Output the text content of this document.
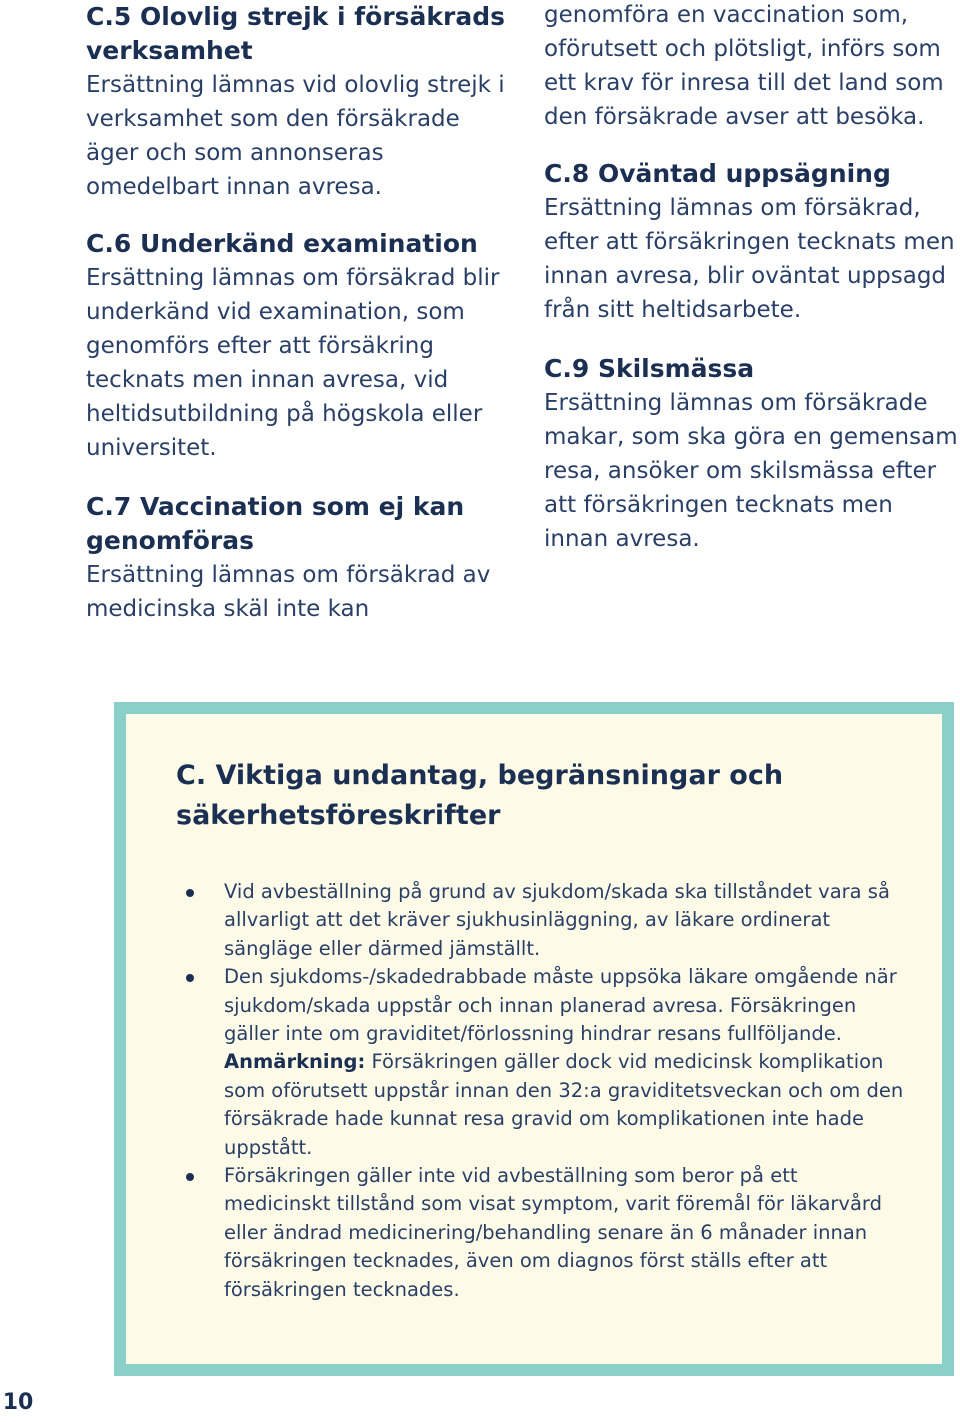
C.5 Olovlig strejk i försäkrads verksamhet

Ersättning lämnas vid olovlig strejk i verksamhet som den försäkrade äger och som annonseras omedelbart innan avresa.

C.6 Underkänd examination

Ersättning lämnas om försäkrad blir underkänd vid examination, som genomförs efter att försäkring tecknats men innan avresa, vid heltidsutbildning på högskola eller universitet.

C.7 Vaccination som ej kan genomföras

Ersättning lämnas om försäkrad av medicinska skäl inte kan

genomföra en vaccination som, oförutsett och plötsligt, införs som ett krav för inresa till det land som den försäkrade avser att besöka.

C.8 Oväntad uppsägning

Ersättning lämnas om försäkrad, efter att försäkringen tecknats men innan avresa, blir oväntat uppsagd från sitt heltidsarbete.

C.9 Skilsmässa

Ersättning lämnas om försäkrade makar, som ska göra en gemensam resa, ansöker om skilsmässa efter att försäkringen tecknats men innan avresa.

C. Viktiga undantag, begränsningar och säkerhetsföreskrifter
Vid avbeställning på grund av sjukdom/skada ska tillståndet vara så allvarligt att det kräver sjukhusinläggning, av läkare ordinerat sängläge eller därmed jämställt.
Den sjukdoms-/skadedrabbade måste uppsöka läkare omgående när sjukdom/skada uppstår och innan planerad avresa. Försäkringen gäller inte om graviditet/förlossning hindrar resans fullföljande.
Anmärkning: Försäkringen gäller dock vid medicinsk komplikation som oförutsett uppstår innan den 32:a graviditetsveckan och om den försäkrade hade kunnat resa gravid om komplikationen inte hade uppstått.
Försäkringen gäller inte vid avbeställning som beror på ett medicinskt tillstånd som visat symptom, varit föremål för läkarvård eller ändrad medicinering/behandling senare än 6 månader innan försäkringen tecknades, även om diagnos först ställs efter att försäkringen tecknades.
10
